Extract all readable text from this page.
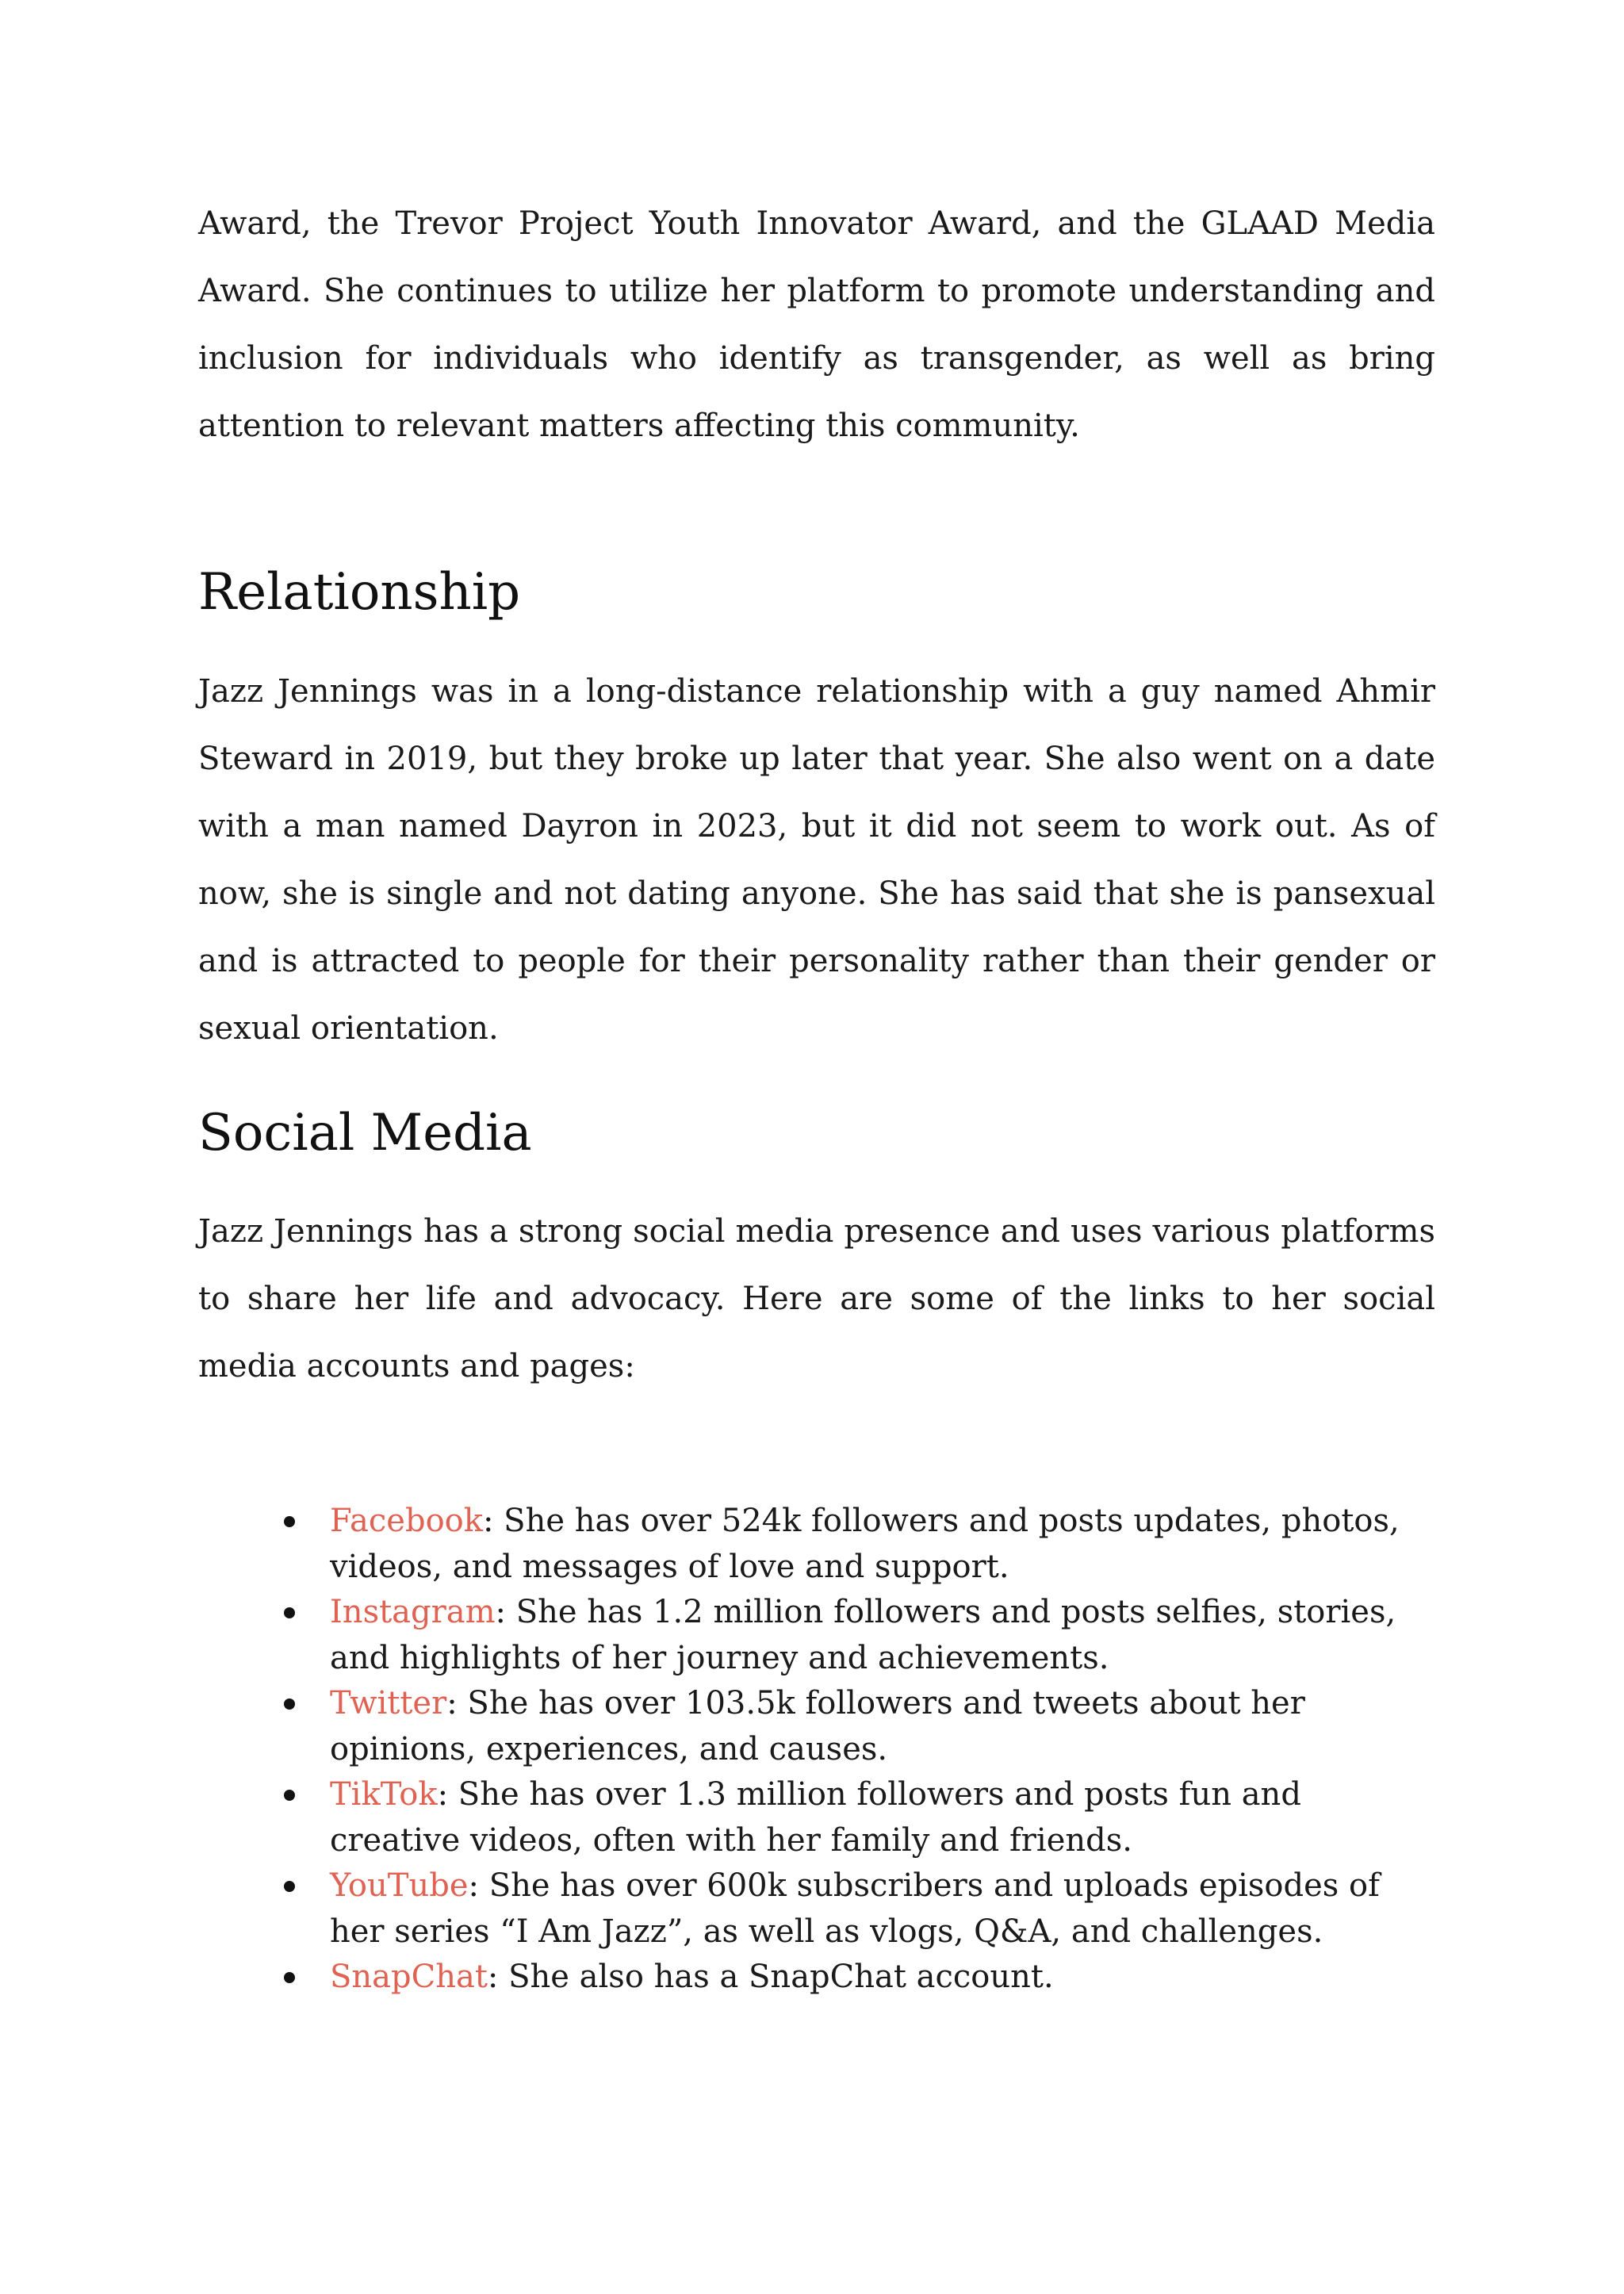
Award, the Trevor Project Youth Innovator Award, and the GLAAD Media Award. She continues to utilize her platform to promote understanding and inclusion for individuals who identify as transgender, as well as bring attention to relevant matters affecting this community.

Relationship

Jazz Jennings was in a long-distance relationship with a guy named Ahmir Steward in 2019, but they broke up later that year. She also went on a date with a man named Dayron in 2023, but it did not seem to work out. As of now, she is single and not dating anyone. She has said that she is pansexual and is attracted to people for their personality rather than their gender or sexual orientation.

Social Media

Jazz Jennings has a strong social media presence and uses various platforms to share her life and advocacy. Here are some of the links to her social media accounts and pages:

Facebook: She has over 524k followers and posts updates, photos, videos, and messages of love and support.
Instagram: She has 1.2 million followers and posts selfies, stories, and highlights of her journey and achievements.
Twitter: She has over 103.5k followers and tweets about her opinions, experiences, and causes.
TikTok: She has over 1.3 million followers and posts fun and creative videos, often with her family and friends.
YouTube: She has over 600k subscribers and uploads episodes of her series “I Am Jazz”, as well as vlogs, Q&A, and challenges.
SnapChat: She also has a SnapChat account.
